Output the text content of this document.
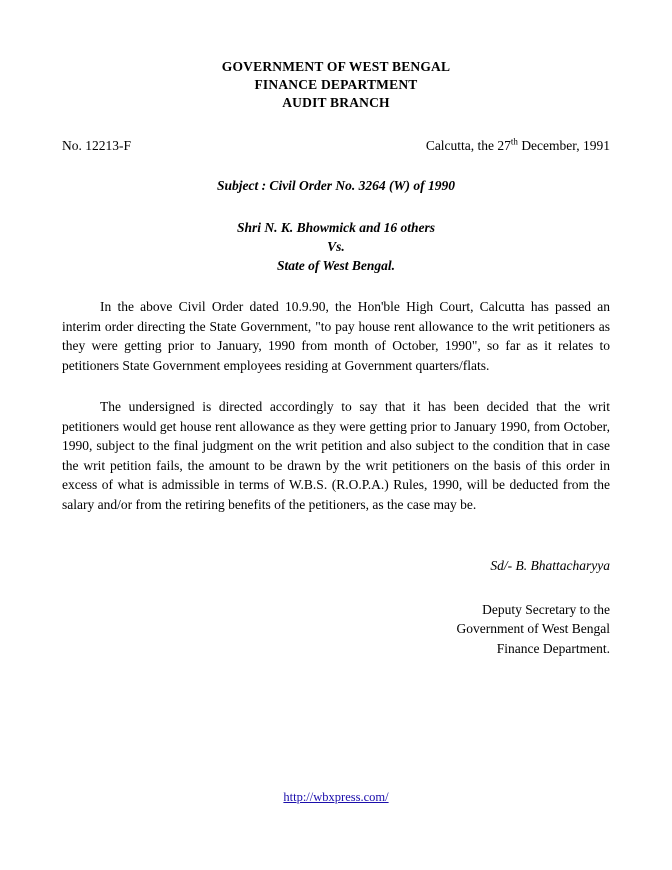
GOVERNMENT OF WEST BENGAL

FINANCE DEPARTMENT

AUDIT BRANCH

No. 12213-F	Calcutta, the 27th December, 1991
Subject : Civil Order No. 3264 (W) of 1990
Shri N. K. Bhowmick and 16 others
Vs.
State of West Bengal.

In the above Civil Order dated 10.9.90, the Hon'ble High Court, Calcutta has passed an interim order directing the State Government, "to pay house rent allowance to the writ petitioners as they were getting prior to January, 1990 from month of October, 1990", so far as it relates to petitioners State Government employees residing at Government quarters/flats.

The undersigned is directed accordingly to say that it has been decided that the writ petitioners would get house rent allowance as they were getting prior to January 1990, from October, 1990, subject to the final judgment on the writ petition and also subject to the condition that in case the writ petition fails, the amount to be drawn by the writ petitioners on the basis of this order in excess of what is admissible in terms of W.B.S. (R.O.P.A.) Rules, 1990, will be deducted from the salary and/or from the retiring benefits of the petitioners, as the case may be.

Sd/- B. Bhattacharyya
Deputy Secretary to the
Government of West Bengal
Finance Department.
http://wbxpress.com/
